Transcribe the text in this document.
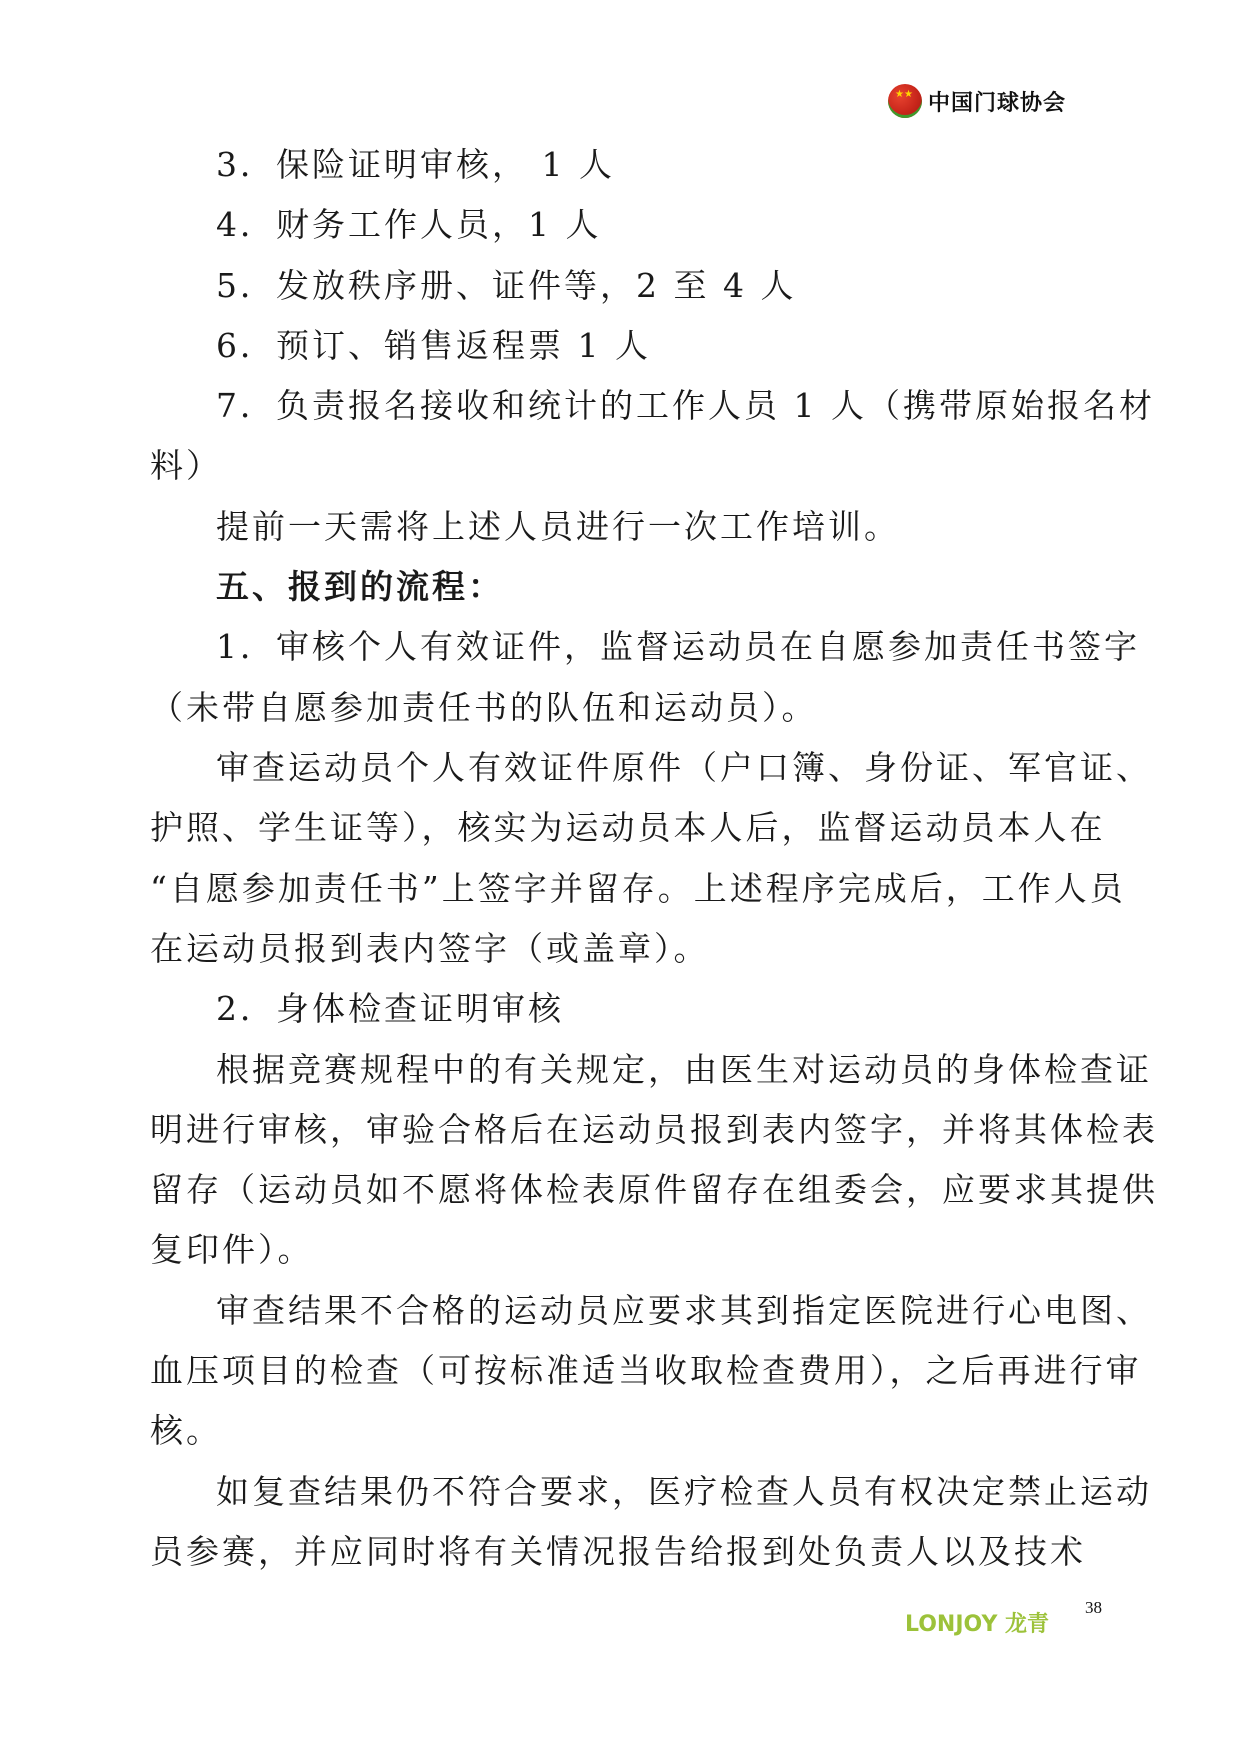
★★ 中国门球协会
3．保险证明审核， 1 人
4．财务工作人员，1 人
5．发放秩序册、证件等，2 至 4 人
6．预订、销售返程票 1 人
7．负责报名接收和统计的工作人员 1 人（携带原始报名材
料）
提前一天需将上述人员进行一次工作培训。
五、报到的流程：
1．审核个人有效证件，监督运动员在自愿参加责任书签字
（未带自愿参加责任书的队伍和运动员）。
审查运动员个人有效证件原件（户口簿、身份证、军官证、
护照、学生证等），核实为运动员本人后，监督运动员本人在
“自愿参加责任书”上签字并留存。上述程序完成后，工作人员
在运动员报到表内签字（或盖章）。
2．身体检查证明审核
根据竞赛规程中的有关规定，由医生对运动员的身体检查证
明进行审核，审验合格后在运动员报到表内签字，并将其体检表
留存（运动员如不愿将体检表原件留存在组委会，应要求其提供
复印件）。
审查结果不合格的运动员应要求其到指定医院进行心电图、
血压项目的检查（可按标准适当收取检查费用），之后再进行审
核。
如复查结果仍不符合要求，医疗检查人员有权决定禁止运动
员参赛，并应同时将有关情况报告给报到处负责人以及技术
LONJOY 龙青
38
